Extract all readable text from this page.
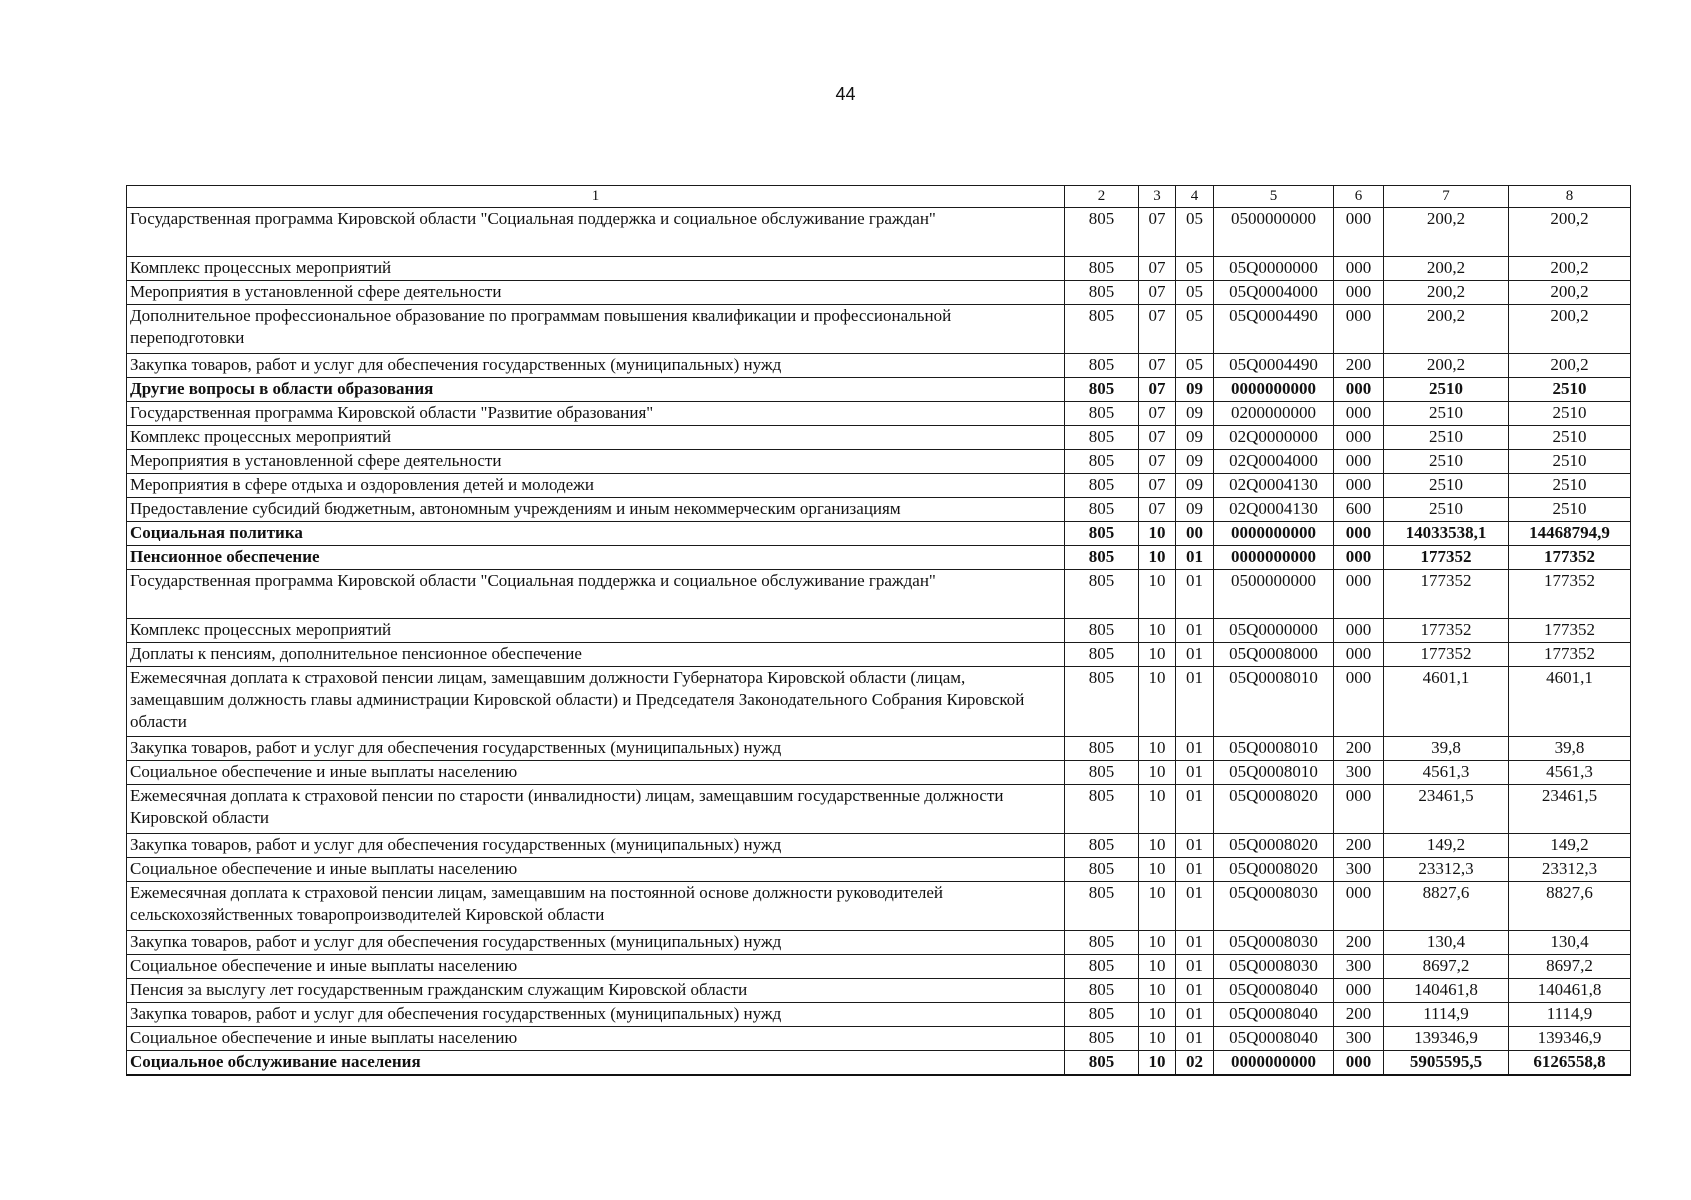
44
1	2	3	4	5	6	7	8
Государственная программа Кировской области "Социальная поддержка и социальное обслуживание граждан"	805	07	05	0500000000	000	200,2	200,2
Комплекс процессных мероприятий	805	07	05	05Q0000000	000	200,2	200,2
Мероприятия в установленной сфере деятельности	805	07	05	05Q0004000	000	200,2	200,2
Дополнительное профессиональное образование по программам повышения квалификации и профессиональной переподготовки	805	07	05	05Q0004490	000	200,2	200,2
Закупка товаров, работ и услуг для обеспечения государственных (муниципальных) нужд	805	07	05	05Q0004490	200	200,2	200,2
Другие вопросы в области образования	805	07	09	0000000000	000	2510	2510
Государственная программа Кировской области "Развитие образования"	805	07	09	0200000000	000	2510	2510
Комплекс процессных мероприятий	805	07	09	02Q0000000	000	2510	2510
Мероприятия в установленной сфере деятельности	805	07	09	02Q0004000	000	2510	2510
Мероприятия в сфере отдыха и оздоровления детей и молодежи	805	07	09	02Q0004130	000	2510	2510
Предоставление субсидий бюджетным, автономным учреждениям и иным некоммерческим организациям	805	07	09	02Q0004130	600	2510	2510
Социальная политика	805	10	00	0000000000	000	14033538,1	14468794,9
Пенсионное обеспечение	805	10	01	0000000000	000	177352	177352
Государственная программа Кировской области "Социальная поддержка и социальное обслуживание граждан"	805	10	01	0500000000	000	177352	177352
Комплекс процессных мероприятий	805	10	01	05Q0000000	000	177352	177352
Доплаты к пенсиям, дополнительное пенсионное обеспечение	805	10	01	05Q0008000	000	177352	177352
Ежемесячная доплата к страховой пенсии лицам, замещавшим должности Губернатора Кировской области (лицам, замещавшим должность главы администрации Кировской области) и Председателя Законодательного Собрания Кировской области	805	10	01	05Q0008010	000	4601,1	4601,1
Закупка товаров, работ и услуг для обеспечения государственных (муниципальных) нужд	805	10	01	05Q0008010	200	39,8	39,8
Социальное обеспечение и иные выплаты населению	805	10	01	05Q0008010	300	4561,3	4561,3
Ежемесячная доплата к страховой пенсии по старости (инвалидности) лицам, замещавшим государственные должности Кировской области	805	10	01	05Q0008020	000	23461,5	23461,5
Закупка товаров, работ и услуг для обеспечения государственных (муниципальных) нужд	805	10	01	05Q0008020	200	149,2	149,2
Социальное обеспечение и иные выплаты населению	805	10	01	05Q0008020	300	23312,3	23312,3
Ежемесячная доплата к страховой пенсии лицам, замещавшим на постоянной основе должности руководителей сельскохозяйственных товаропроизводителей Кировской области	805	10	01	05Q0008030	000	8827,6	8827,6
Закупка товаров, работ и услуг для обеспечения государственных (муниципальных) нужд	805	10	01	05Q0008030	200	130,4	130,4
Социальное обеспечение и иные выплаты населению	805	10	01	05Q0008030	300	8697,2	8697,2
Пенсия за выслугу лет государственным гражданским служащим Кировской области	805	10	01	05Q0008040	000	140461,8	140461,8
Закупка товаров, работ и услуг для обеспечения государственных (муниципальных) нужд	805	10	01	05Q0008040	200	1114,9	1114,9
Социальное обеспечение и иные выплаты населению	805	10	01	05Q0008040	300	139346,9	139346,9
Социальное обслуживание населения	805	10	02	0000000000	000	5905595,5	6126558,8
